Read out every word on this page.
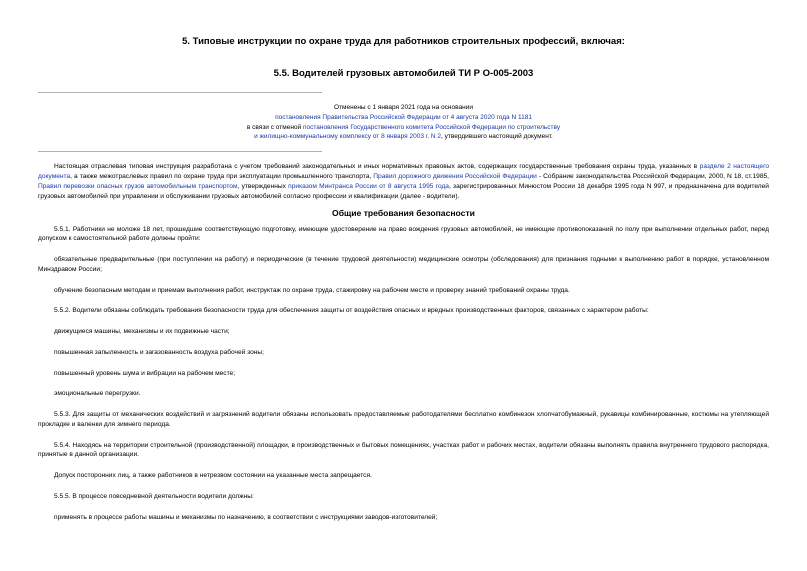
5. Типовые инструкции по охране труда для работников строительных профессий, включая:
5.5. Водителей грузовых автомобилей ТИ Р О-005-2003
Отменены с 1 января 2021 года на основании
постановления Правительства Российской Федерации от 4 августа 2020 года N 1181
в связи с отменой постановления Государственного комитета Российской Федерации по строительству
и жилищно-коммунальному комплексу от 8 января 2003 г. N 2, утвердившего настоящий документ.

Настоящая отраслевая типовая инструкция разработана с учетом требований законодательных и иных нормативных правовых актов, содержащих государственные требования охраны труда, указанных в разделе 2 настоящего документа, а также межотраслевых правил по охране труда при эксплуатации промышленного транспорта, Правил дорожного движения Российской Федерации - Собрание законодательства Российской Федерации, 2000, N 18, ст.1985, Правил перевозки опасных грузов автомобильным транспортом, утвержденных приказом Минтранса России от 8 августа 1995 года, зарегистрированных Минюстом России 18 декабря 1995 года N 997, и предназначена для водителей грузовых автомобилей при управлении и обслуживании грузовых автомобилей согласно профессии и квалификации (далее - водители).

Общие требования безопасности

5.5.1. Работники не моложе 18 лет, прошедшие соответствующую подготовку, имеющие удостоверение на право вождения грузовых автомобилей, не имеющие противопоказаний по полу при выполнении отдельных работ, перед допуском к самостоятельной работе должны пройти:

обязательные предварительные (при поступлении на работу) и периодические (в течение трудовой деятельности) медицинские осмотры (обследования) для признания годными к выполнению работ в порядке, установленном Минздравом России;

обучение безопасным методам и приемам выполнения работ, инструктаж по охране труда, стажировку на рабочем месте и проверку знаний требований охраны труда.

5.5.2. Водители обязаны соблюдать требования безопасности труда для обеспечения защиты от воздействия опасных и вредных производственных факторов, связанных с характером работы:

движущиеся машины, механизмы и их подвижные части;

повышенная запыленность и загазованность воздуха рабочей зоны;

повышенный уровень шума и вибрации на рабочем месте;

эмоциональные перегрузки.

5.5.3. Для защиты от механических воздействий и загрязнений водители обязаны использовать предоставляемые работодателями бесплатно комбинезон хлопчатобумажный, рукавицы комбинированные, костюмы на утепляющей прокладке и валенки для зимнего периода.

5.5.4. Находясь на территории строительной (производственной) площадки, в производственных и бытовых помещениях, участках работ и рабочих местах, водители обязаны выполнять правила внутреннего трудового распорядка, принятые в данной организации.

Допуск посторонних лиц, а также работников в нетрезвом состоянии на указанные места запрещается.

5.5.5. В процессе повседневной деятельности водители должны:

применять в процессе работы машины и механизмы по назначению, в соответствии с инструкциями заводов-изготовителей;
